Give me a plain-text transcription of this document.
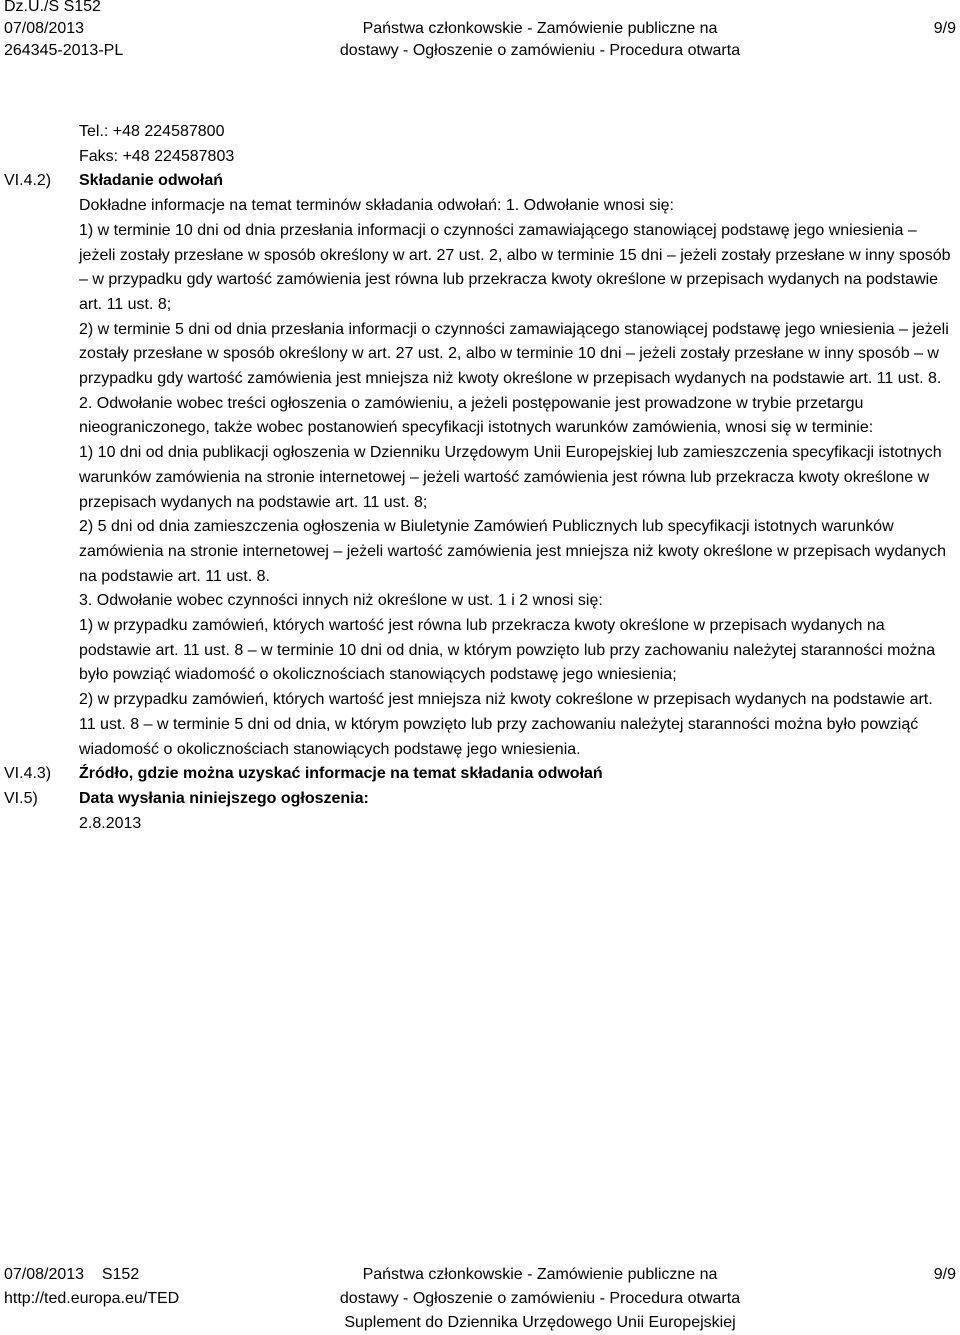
Dz.U./S S152
07/08/2013
264345-2013-PL
Państwa członkowskie - Zamówienie publiczne na
dostawy - Ogłoszenie o zamówieniu - Procedura otwarta
9/9
Tel.: +48 224587800
Faks: +48 224587803
VI.4.2) Składanie odwołań

Dokładne informacje na temat terminów składania odwołań: 1. Odwołanie wnosi się:

1) w terminie 10 dni od dnia przesłania informacji o czynności zamawiającego stanowiącej podstawę jego wniesienia – jeżeli zostały przesłane w sposób określony w art. 27 ust. 2, albo w terminie 15 dni – jeżeli zostały przesłane w inny sposób – w przypadku gdy wartość zamówienia jest równa lub przekracza kwoty określone w przepisach wydanych na podstawie art. 11 ust. 8;

2) w terminie 5 dni od dnia przesłania informacji o czynności zamawiającego stanowiącej podstawę jego wniesienia – jeżeli zostały przesłane w sposób określony w art. 27 ust. 2, albo w terminie 10 dni – jeżeli zostały przesłane w inny sposób – w przypadku gdy wartość zamówienia jest mniejsza niż kwoty określone w przepisach wydanych na podstawie art. 11 ust. 8.

2. Odwołanie wobec treści ogłoszenia o zamówieniu, a jeżeli postępowanie jest prowadzone w trybie przetargu nieograniczonego, także wobec postanowień specyfikacji istotnych warunków zamówienia, wnosi się w terminie:

1) 10 dni od dnia publikacji ogłoszenia w Dzienniku Urzędowym Unii Europejskiej lub zamieszczenia specyfikacji istotnych warunków zamówienia na stronie internetowej – jeżeli wartość zamówienia jest równa lub przekracza kwoty określone w przepisach wydanych na podstawie art. 11 ust. 8;

2) 5 dni od dnia zamieszczenia ogłoszenia w Biuletynie Zamówień Publicznych lub specyfikacji istotnych warunków zamówienia na stronie internetowej – jeżeli wartość zamówienia jest mniejsza niż kwoty określone w przepisach wydanych na podstawie art. 11 ust. 8.

3. Odwołanie wobec czynności innych niż określone w ust. 1 i 2 wnosi się:

1) w przypadku zamówień, których wartość jest równa lub przekracza kwoty określone w przepisach wydanych na podstawie art. 11 ust. 8 – w terminie 10 dni od dnia, w którym powzięto lub przy zachowaniu należytej staranności można było powziąć wiadomość o okolicznościach stanowiących podstawę jego wniesienia;

2) w przypadku zamówień, których wartość jest mniejsza niż kwoty cokreślone w przepisach wydanych na podstawie art. 11 ust. 8 – w terminie 5 dni od dnia, w którym powzięto lub przy zachowaniu należytej staranności można było powziąć wiadomość o okolicznościach stanowiących podstawę jego wniesienia.

VI.4.3) Źródło, gdzie można uzyskać informacje na temat składania odwołań
VI.5)	Data wysłania niniejszego ogłoszenia:
2.8.2013
07/08/2013 S152
http://ted.europa.eu/TED
Państwa członkowskie - Zamówienie publiczne na
dostawy - Ogłoszenie o zamówieniu - Procedura otwarta
Suplement do Dziennika Urzędowego Unii Europejskiej
9/9
